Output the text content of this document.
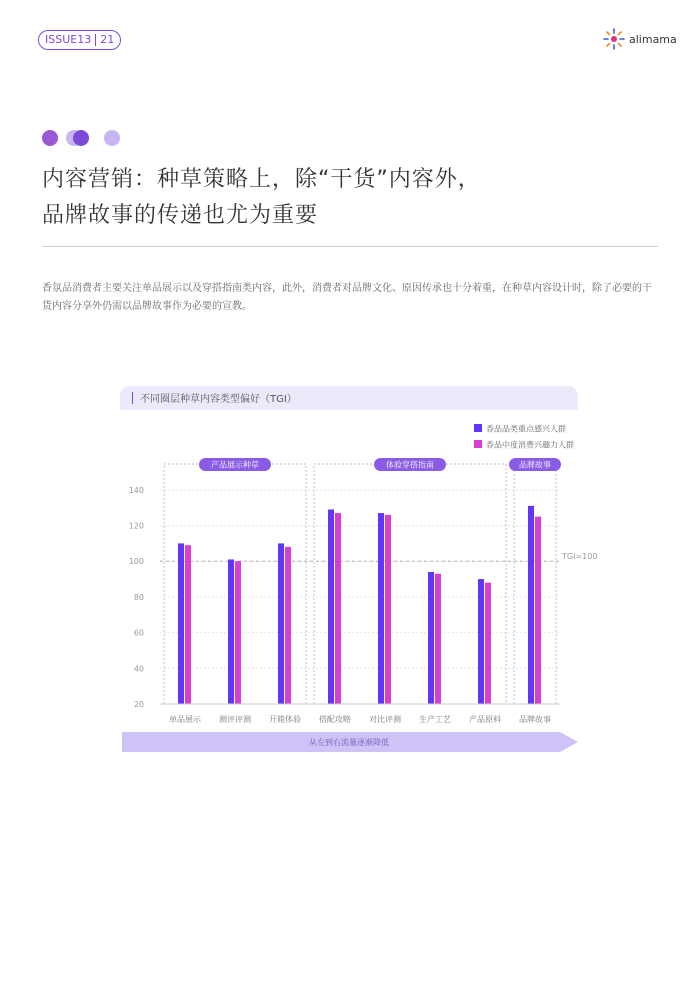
ISSUE13 21	alimama
内容营销：种草策略上，除“干货”内容外，
品牌故事的传递也尤为重要

香氛品消费者主要关注单品展示以及穿搭指南类内容，此外，消费者对品牌文化、原因传承也十分着重，在种草内容设计时，除了必要的干货内容分享外仍需以品牌故事作为必要的宣教。

不同圈层种草内容类型偏好（TGI）
20
40
60
80
100
120
140
产品展示种草	体验穿搭指南	品牌故事
TGI=100
单品展示 测评评测 开箱体验 搭配攻略 对比评测 生产工艺 产品原料 品牌故事
香品品类重点感兴人群
香品中度消费兴趣力人群
从左到右流量逐渐降低
